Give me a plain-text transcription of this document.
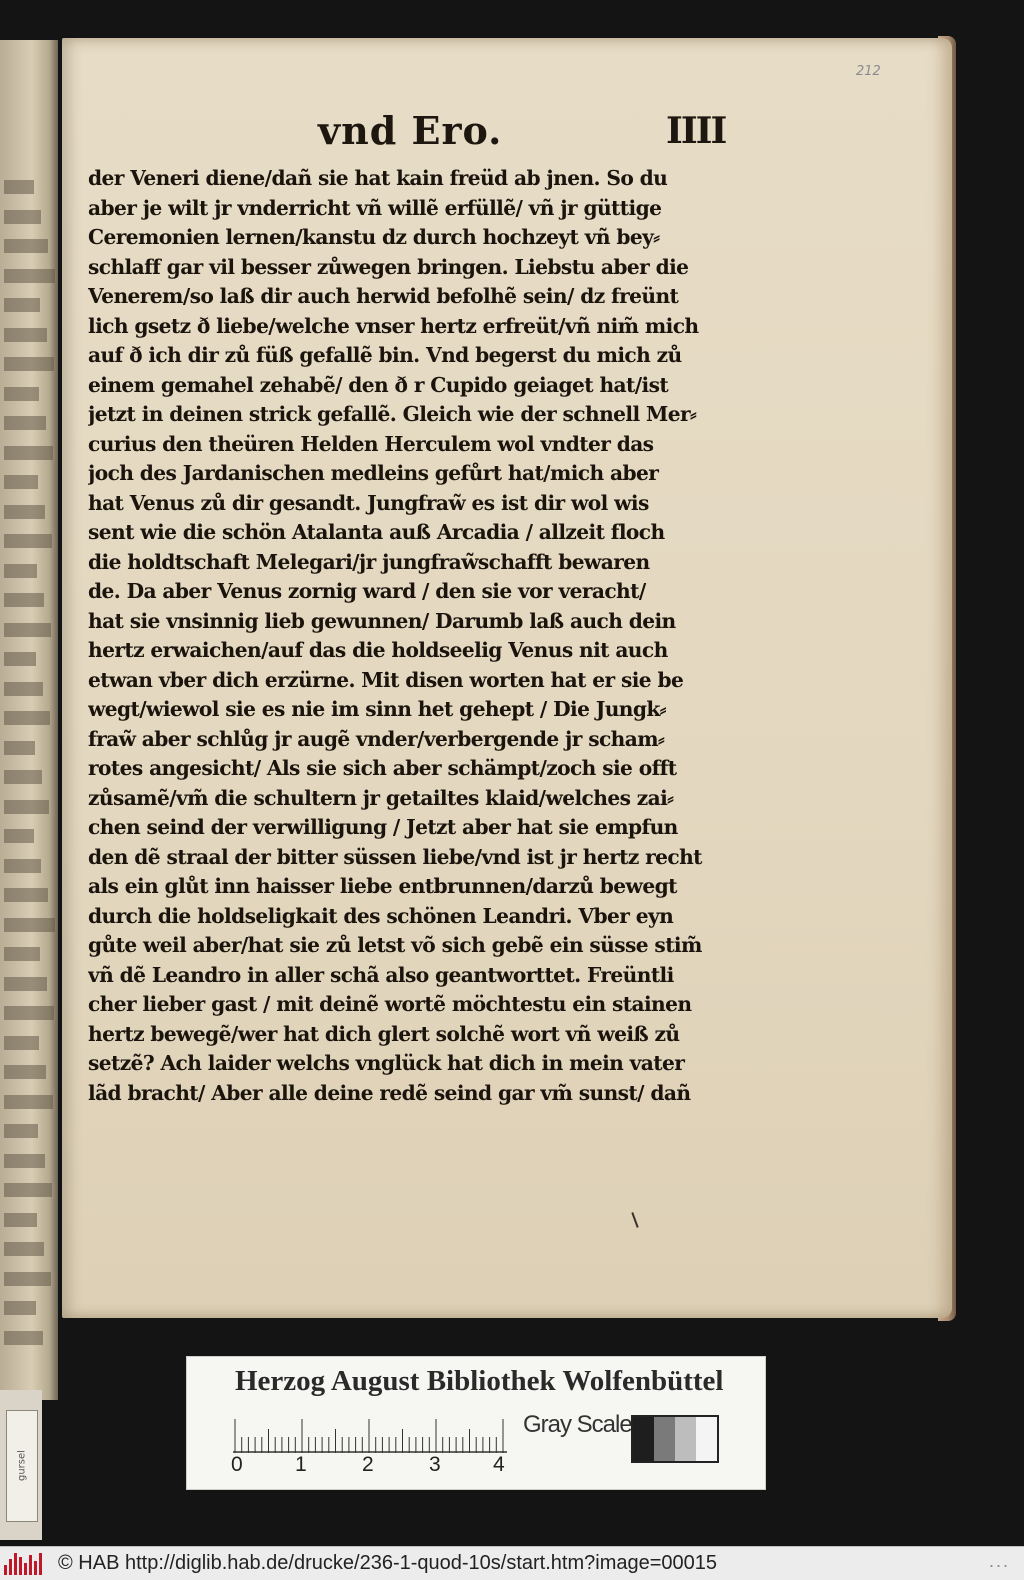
gursel
212
vnd Ero.	IIII
der Veneri diene/dañ sie hat kain freüd ab jnen. So du
aber je wilt jr vnderricht vñ willẽ erfüllẽ/ vñ jr güttige
Ceremonien lernen/kanstu dz durch hochzeyt vñ bey⸗
schlaff gar vil besser zůwegen bringen. Liebstu aber die
Venerem/so laß dir auch herwid befolhẽ sein/ dz freünt
lich gsetz ð liebe/welche vnser hertz erfreüt/vñ nim̃ mich
auf ð ich dir zů füß gefallẽ bin. Vnd begerst du mich zů
einem gemahel zehabẽ/ den ð r Cupido geiaget hat/ist
jetzt in deinen strick gefallẽ. Gleich wie der schnell Mer⸗
curius den theüren Helden Herculem wol vndter das
joch des Jardanischen medleins gefůrt hat/mich aber
hat Venus zů dir gesandt. Jungfraw̃ es ist dir wol wis
sent wie die schön Atalanta auß Arcadia / allzeit floch
die holdtschaft Melegari/jr jungfraw̃schafft bewaren
de. Da aber Venus zornig ward / den sie vor veracht/
hat sie vnsinnig lieb gewunnen/ Darumb laß auch dein
hertz erwaichen/auf das die holdseelig Venus nit auch
etwan vber dich erzürne. Mit disen worten hat er sie be
wegt/wiewol sie es nie im sinn het gehept / Die Jungk⸗
fraw̃ aber schlůg jr augẽ vnder/verbergende jr scham⸗
rotes angesicht/ Als sie sich aber schämpt/zoch sie offt
zůsamẽ/vm̃ die schultern jr getailtes klaid/welches zai⸗
chen seind der verwilligung / Jetzt aber hat sie empfun
den dẽ straal der bitter süssen liebe/vnd ist jr hertz recht
als ein glůt inn haisser liebe entbrunnen/darzů bewegt
durch die holdseligkait des schönen Leandri. Vber eyn
gůte weil aber/hat sie zů letst võ sich gebẽ ein süsse stim̃
vñ dẽ Leandro in aller schã also geantworttet. Freüntli
cher lieber gast / mit deinẽ wortẽ möchtestu ein stainen
hertz bewegẽ/wer hat dich glert solchẽ wort vñ weiß zů
setzẽ? Ach laider welchs vnglück hat dich in mein vater
lãd bracht/ Aber alle deine redẽ seind gar vm̃ sunst/ dañ
Herzog August Bibliothek Wolfenbüttel
0 1	2	3 4
Gray Scale
© HAB http://diglib.hab.de/drucke/236-1-quod-10s/start.htm?image=00015	...
